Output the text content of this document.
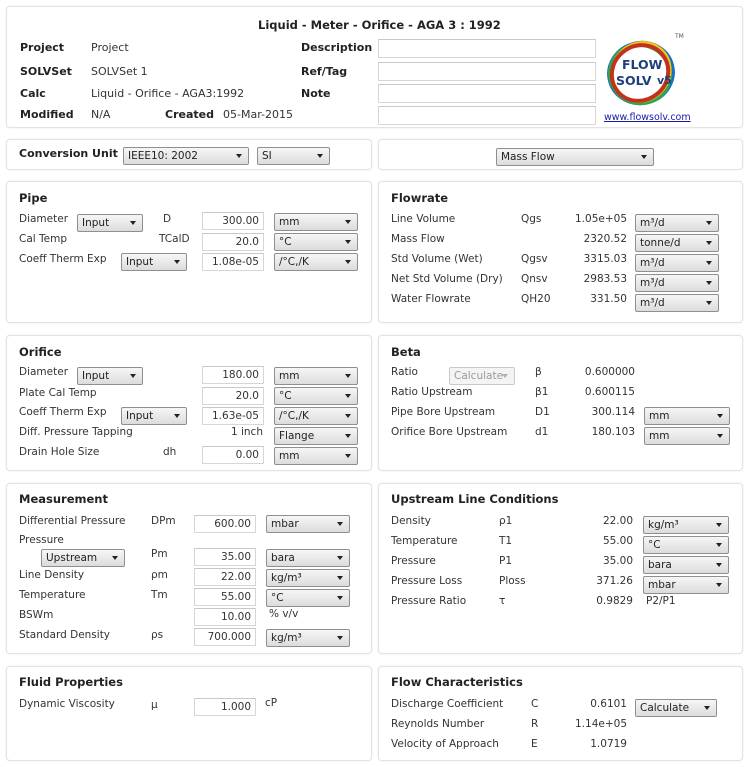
Liquid - Meter - Orifice - AGA 3 : 1992
Project Project
SOLVSet SOLVSet 1
Calc	Liquid - Orifice - AGA3:1992
Modified N/A	Created 05-Mar-2015
Description
Ref/Tag
Note
FLOW
SOLV v5
TM
www.flowsolv.com
Conversion Unit IEEE10: 2002	SI	Mass Flow
Pipe
Diameter	Input	D	300.00	mm
Cal Temp	TCalD	20.0	°C
Coeff Therm Exp	Input	1.08e-05	/°C,/K
Flowrate
Line Volume	Qgs	1.05e+05	m³/d
Mass Flow	2320.52	tonne/d
Std Volume (Wet)	Qgsv	3315.03	m³/d
Net Std Volume (Dry) Qnsv	2983.53	m³/d
Water Flowrate	QH20	331.50	m³/d
Orifice
Diameter	Input	180.00	mm
Plate Cal Temp	20.0	°C
Coeff Therm Exp	Input	1.63e-05	/°C,/K
Diff. Pressure Tapping	1 inch	Flange
Drain Hole Size	dh	0.00	mm
Beta
Ratio	Calculate	β	0.600000
Ratio Upstream	β1	0.600115
Pipe Bore Upstream	D1	300.114	mm
Orifice Bore Upstream	d1	180.103	mm
Measurement
Differential Pressure DPm	600.00	mbar
Pressure
Upstream	Pm	35.00	bara
Line Density	ρm	22.00	kg/m³
Temperature	Tm	55.00	°C
BSWm	10.00	% v/v
Standard Density	ρs	700.000	kg/m³
Upstream Line Conditions
Density	ρ1	22.00	kg/m³
Temperature	T1	55.00	°C
Pressure	P1	35.00	bara
Pressure Loss	Ploss	371.26	mbar
Pressure Ratio	τ	0.9829 P2/P1
Fluid Properties
Dynamic Viscosity	μ	1.000	cP
Flow Characteristics
Discharge Coefficient	C	0.6101	Calculate
Reynolds Number	R	1.14e+05
Velocity of Approach	E	1.0719
